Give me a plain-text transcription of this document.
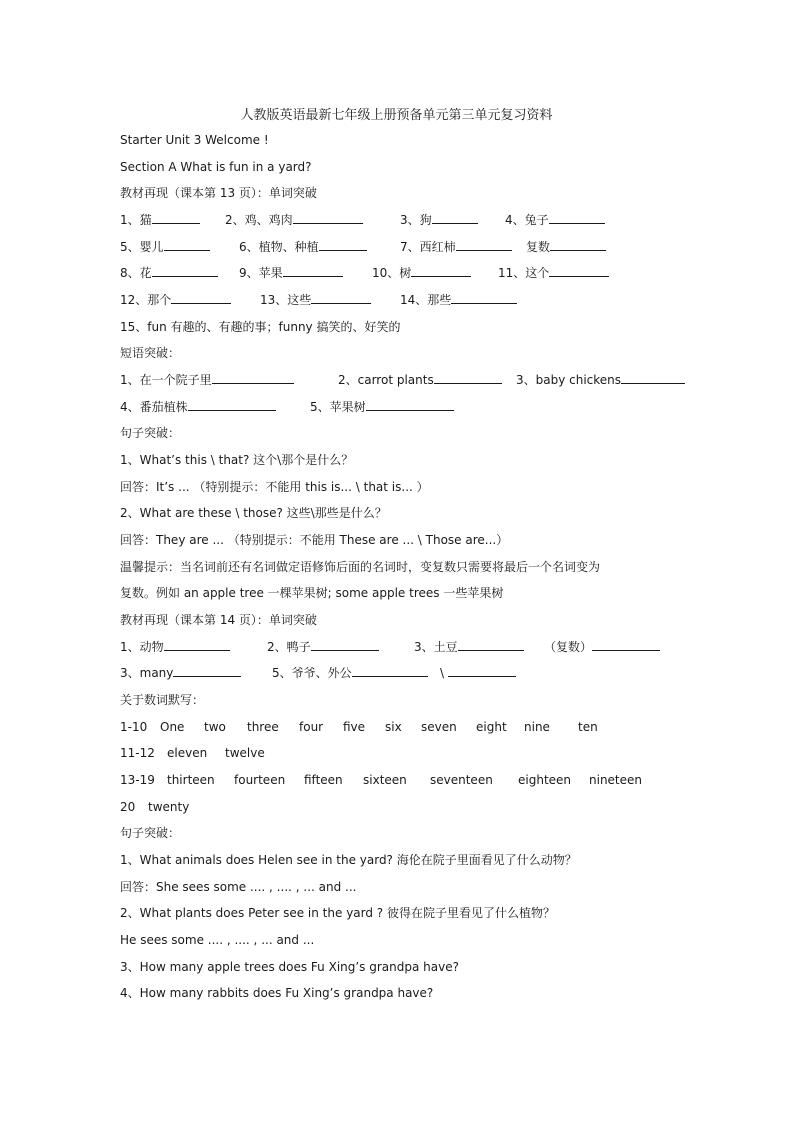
人教版英语最新七年级上册预备单元第三单元复习资料
Starter Unit 3 Welcome !
Section A What is fun in a yard?
教材再现（课本第 13 页）：单词突破
1、猫	2、鸡、鸡肉	3、狗	4、兔子
5、婴儿	6、植物、种植	7、西红柿	复数
8、花	9、苹果	10、树	11、这个
12、那个	13、这些	14、那些
15、fun 有趣的、有趣的事；funny 搞笑的、好笑的
短语突破：
1、在一个院子里	2、carrot plants	3、baby chickens
4、番茄植株	5、苹果树
句子突破：
1、What’s this \ that? 这个\那个是什么？
回答：It’s ... （特别提示：不能用 this is... \ that is... ）
2、What are these \ those? 这些\那些是什么？
回答：They are ... （特别提示：不能用 These are ... \ Those are...）
温馨提示：当名词前还有名词做定语修饰后面的名词时，变复数只需要将最后一个名词变为
复数。例如 an apple tree 一棵苹果树; some apple trees 一些苹果树
教材再现（课本第 14 页）：单词突破
1、动物	2、鸭子	3、土豆	（复数）
3、many	5、爷爷、外公	\
关于数词默写：
1-10 One two three four five six seven eight nine ten
11-12 eleven twelve
13-19 thirteen fourteen fifteen sixteen seventeen eighteen nineteen
20 twenty
句子突破：
1、What animals does Helen see in the yard? 海伦在院子里面看见了什么动物？
回答：She sees some .... , .... , ... and ...
2、What plants does Peter see in the yard ? 彼得在院子里看见了什么植物？
He sees some .... , .... , ... and ...
3、How many apple trees does Fu Xing’s grandpa have?
4、How many rabbits does Fu Xing’s grandpa have?
